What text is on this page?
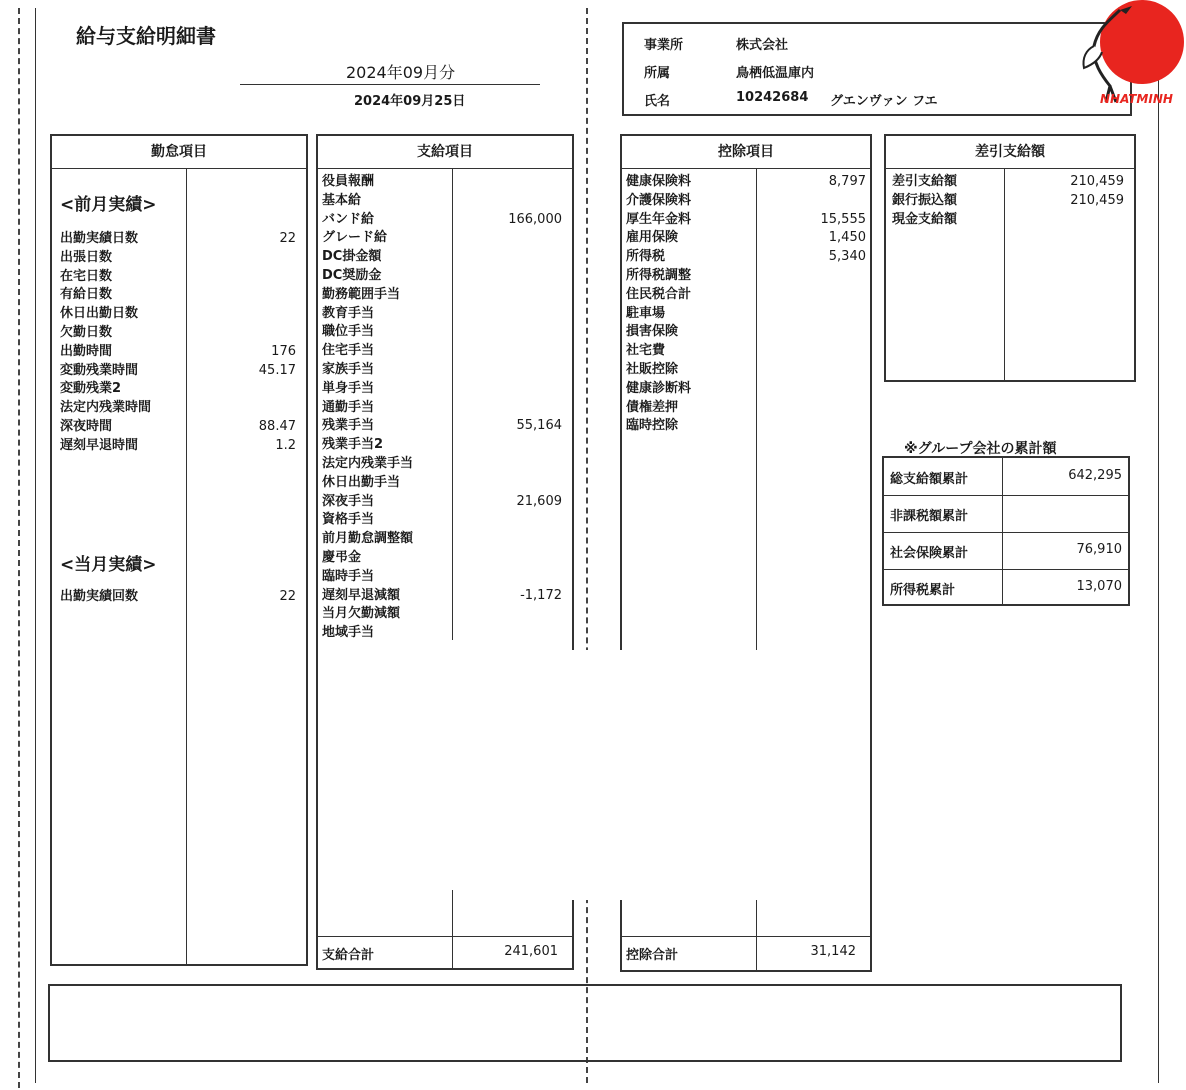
給与支給明細書
2024年09月分
2024年09月25日
事業所	株式会社
所属	鳥栖低温庫内
氏名	10242684 グエンヴァン フエ	NHATMINH
勤怠項目
<前月実績>
出勤実績日数	22
出張日数
在宅日数
有給日数
休日出勤日数
欠勤日数
出勤時間	176
変動残業時間	45.17
変動残業2
法定内残業時間
深夜時間	88.47
遅刻早退時間	1.2
<当月実績>
出勤実績回数	22
支給項目
役員報酬
基本給
バンド給	166,000
グレード給
DC掛金額
DC奨励金
勤務範囲手当
教育手当
職位手当
住宅手当
家族手当
単身手当
通勤手当
残業手当	55,164
残業手当2
法定内残業手当
休日出勤手当
深夜手当	21,609
資格手当
前月勤怠調整額
慶弔金
臨時手当
遅刻早退減額	-1,172
当月欠勤減額
地域手当
支給合計	241,601
控除項目
健康保険料	8,797
介護保険料
厚生年金料	15,555
雇用保険	1,450
所得税	5,340
所得税調整
住民税合計
駐車場
損害保険
社宅費
社販控除
健康診断料
債権差押
臨時控除
控除合計	31,142
差引支給額
差引支給額	210,459
銀行振込額	210,459
現金支給額
※グループ会社の累計額
総支給額累計	642,295
非課税額累計
社会保険累計	76,910
所得税累計	13,070
